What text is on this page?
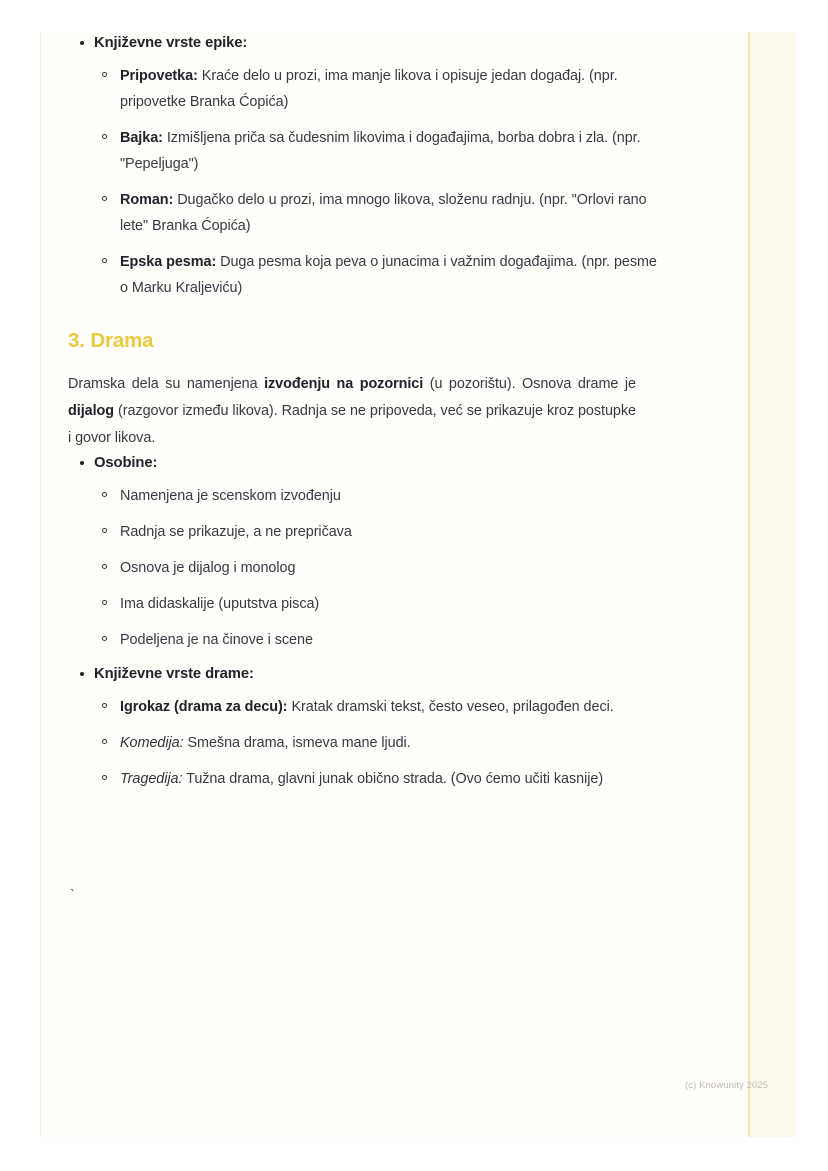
Književne vrste epike:
Pripovetka: Kraće delo u prozi, ima manje likova i opisuje jedan događaj. (npr. pripovetke Branka Ćopića)
Bajka: Izmišljena priča sa čudesnim likovima i događajima, borba dobra i zla. (npr. "Pepeljuga")
Roman: Dugačko delo u prozi, ima mnogo likova, složenu radnju. (npr. "Orlovi rano lete" Branka Ćopića)
Epska pesma: Duga pesma koja peva o junacima i važnim događajima. (npr. pesme o Marku Kraljeviću)
3. Drama

Dramska dela su namenjena izvođenju na pozornici (u pozorištu). Osnova drame je dijalog (razgovor između likova). Radnja se ne pripoveda, već se prikazuje kroz postupke i govor likova.

Osobine:
Namenjena je scenskom izvođenju
Radnja se prikazuje, a ne prepričava
Osnova je dijalog i monolog
Ima didaskalije (uputstva pisca)
Podeljena je na činove i scene
Književne vrste drame:
Igrokaz (drama za decu): Kratak dramski tekst, često veseo, prilagođen deci.
Komedija: Smešna drama, ismeva mane ljudi.
Tragedija: Tužna drama, glavni junak obično strada. (Ovo ćemo učiti kasnije)
`
(c) Knowunity 2025
